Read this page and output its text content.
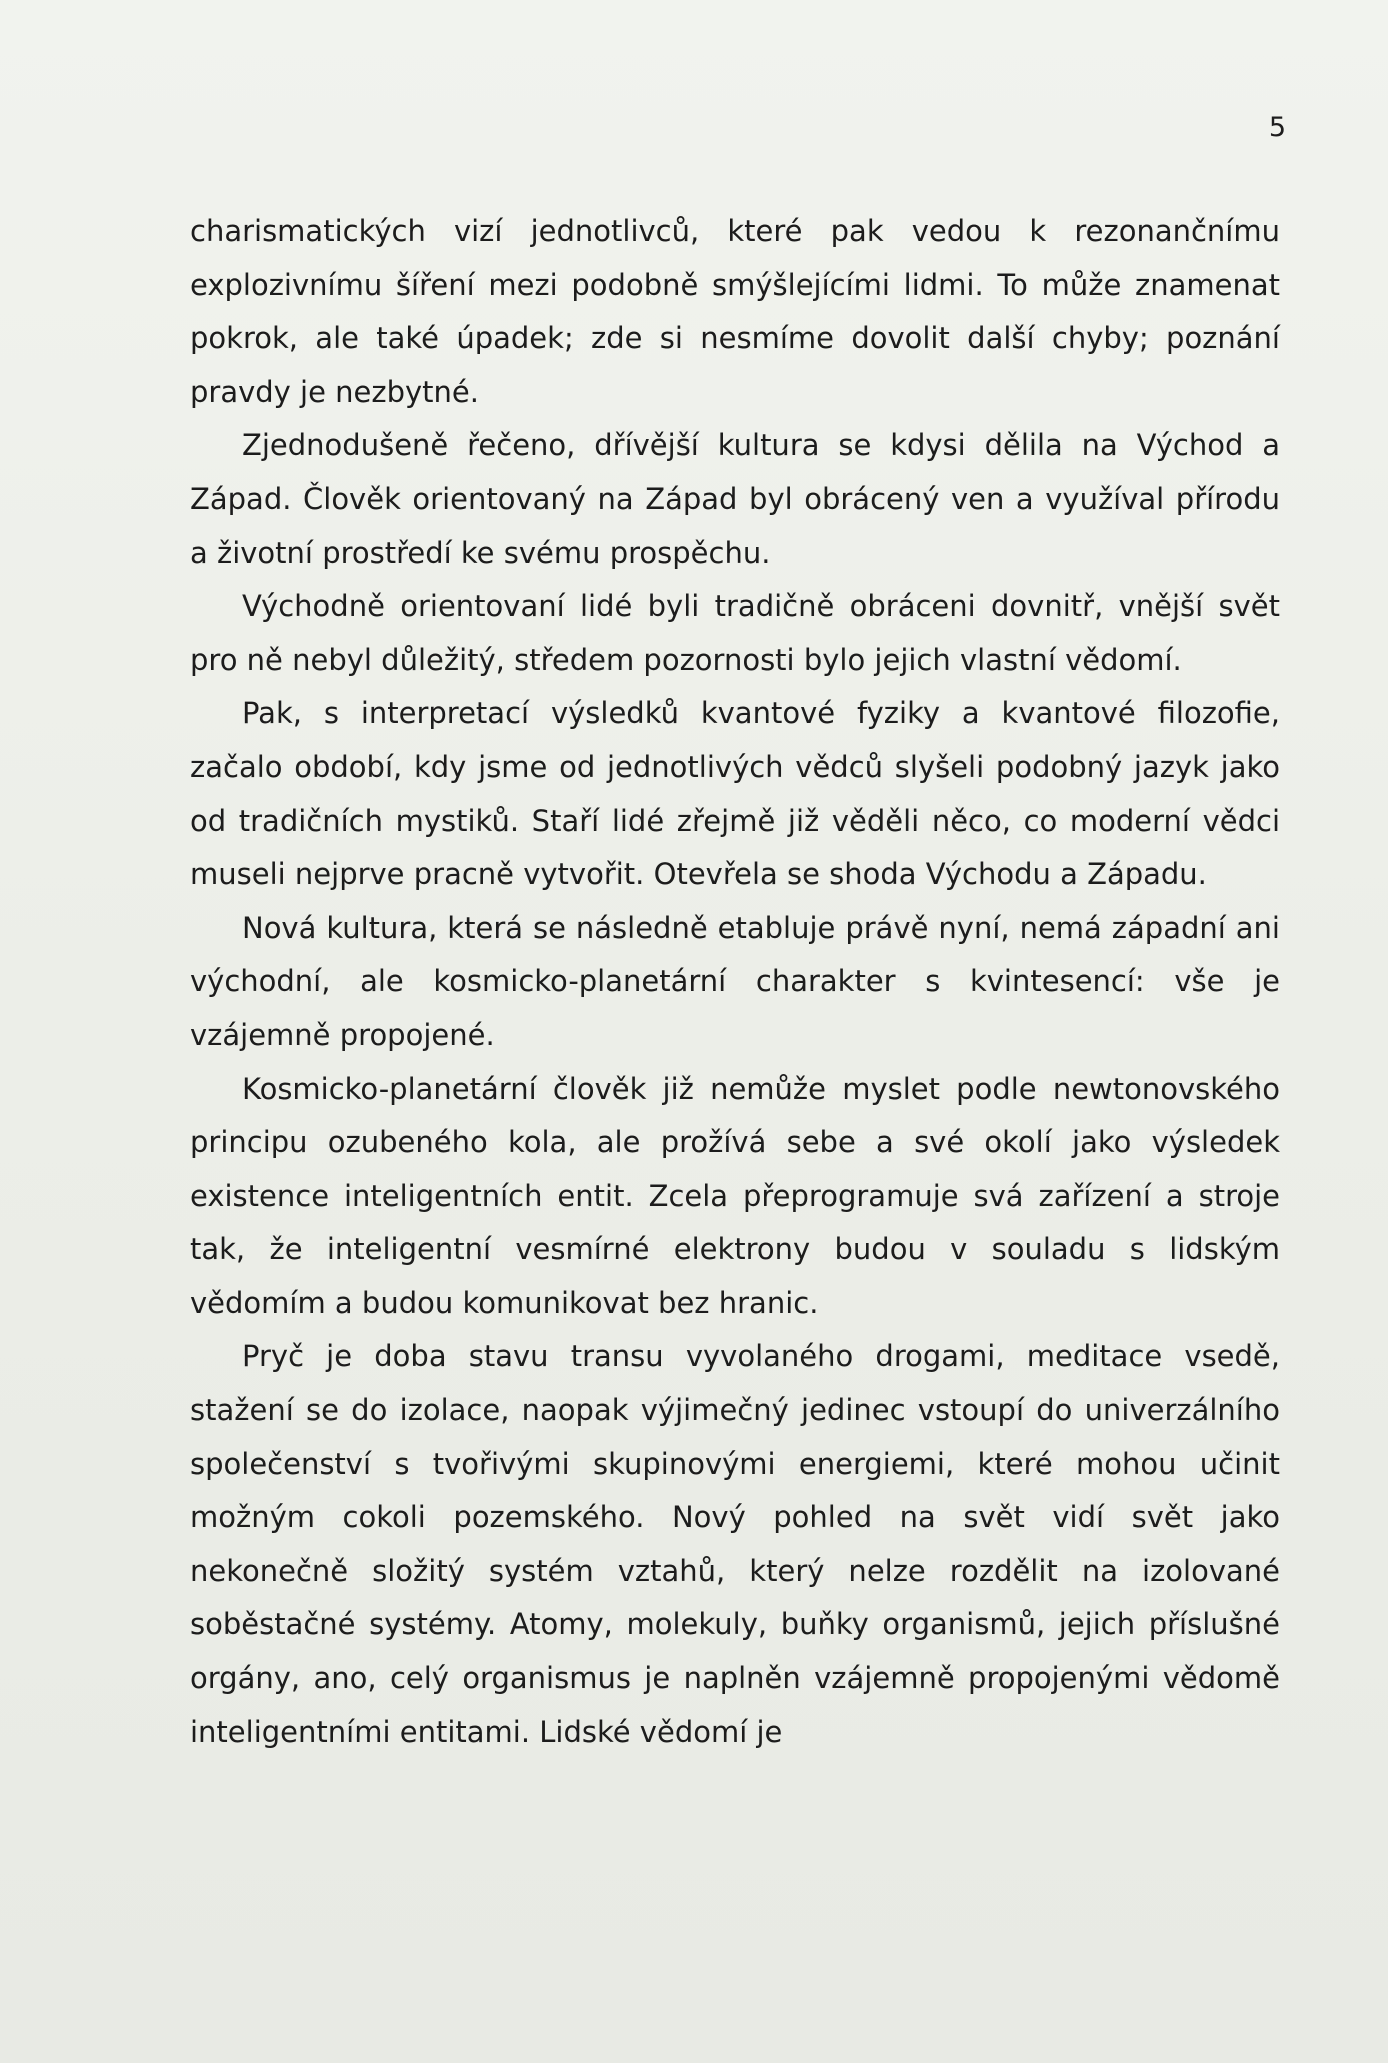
5

charismatických vizí jednotlivců, které pak vedou k rezonančnímu explozivnímu šíření mezi podobně smýšlejícími lidmi. To může znamenat pokrok, ale také úpadek; zde si nesmíme dovolit další chyby; poznání pravdy je nezbytné.

Zjednodušeně řečeno, dřívější kultura se kdysi dělila na Východ a Západ. Člověk orientovaný na Západ byl obrácený ven a využíval přírodu a životní prostředí ke svému prospěchu.

Východně orientovaní lidé byli tradičně obráceni dovnitř, vnější svět pro ně nebyl důležitý, středem pozornosti bylo jejich vlastní vědomí.

Pak, s interpretací výsledků kvantové fyziky a kvantové filozofie, začalo období, kdy jsme od jednotlivých vědců slyšeli podobný jazyk jako od tradičních mystiků. Staří lidé zřejmě již věděli něco, co moderní vědci museli nejprve pracně vytvořit. Otevřela se shoda Východu a Západu.

Nová kultura, která se následně etabluje právě nyní, nemá západní ani východní, ale kosmicko-planetární charakter s kvintesencí: vše je vzájemně propojené.

Kosmicko-planetární člověk již nemůže myslet podle newtonovského principu ozubeného kola, ale prožívá sebe a své okolí jako výsledek existence inteligentních entit. Zcela přeprogramuje svá zařízení a stroje tak, že inteligentní vesmírné elektrony budou v souladu s lidským vědomím a budou komunikovat bez hranic.

Pryč je doba stavu transu vyvolaného drogami, meditace vsedě, stažení se do izolace, naopak výjimečný jedinec vstoupí do univerzálního společenství s tvořivými skupinovými energiemi, které mohou učinit možným cokoli pozemského. Nový pohled na svět vidí svět jako nekonečně složitý systém vztahů, který nelze rozdělit na izolované soběstačné systémy. Atomy, molekuly, buňky organismů, jejich příslušné orgány, ano, celý organismus je naplněn vzájemně propojenými vědomě inteligentními entitami. Lidské vědomí je
